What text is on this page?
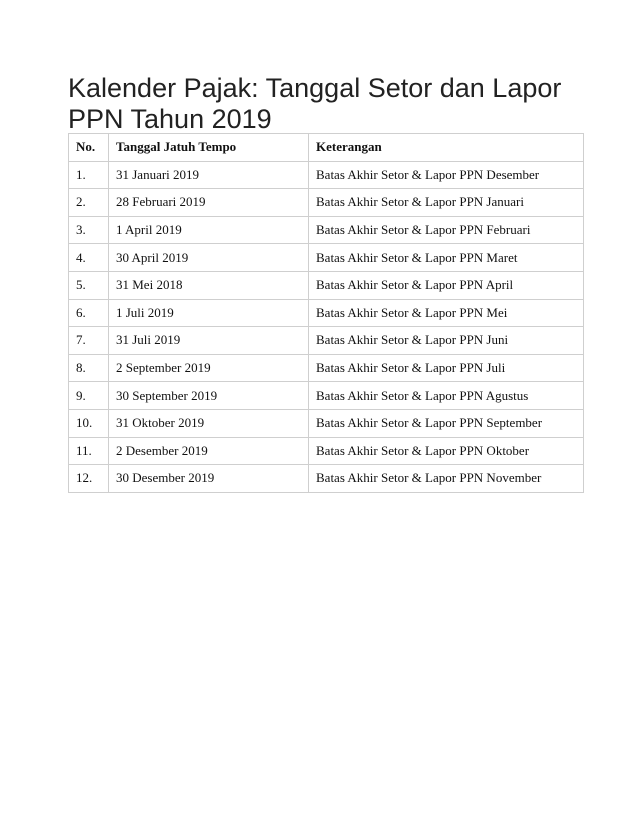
Kalender Pajak: Tanggal Setor dan Lapor PPN Tahun 2019
No.	Tanggal Jatuh Tempo	Keterangan
1.	31 Januari 2019	Batas Akhir Setor & Lapor PPN Desember
2.	28 Februari 2019	Batas Akhir Setor & Lapor PPN Januari
3.	1 April 2019	Batas Akhir Setor & Lapor PPN Februari
4.	30 April 2019	Batas Akhir Setor & Lapor PPN Maret
5.	31 Mei 2018	Batas Akhir Setor & Lapor PPN April
6.	1 Juli 2019	Batas Akhir Setor & Lapor PPN Mei
7.	31 Juli 2019	Batas Akhir Setor & Lapor PPN Juni
8.	2 September 2019	Batas Akhir Setor & Lapor PPN Juli
9.	30 September 2019	Batas Akhir Setor & Lapor PPN Agustus
10.	31 Oktober 2019	Batas Akhir Setor & Lapor PPN September
11.	2 Desember 2019	Batas Akhir Setor & Lapor PPN Oktober
12.	30 Desember 2019	Batas Akhir Setor & Lapor PPN November
